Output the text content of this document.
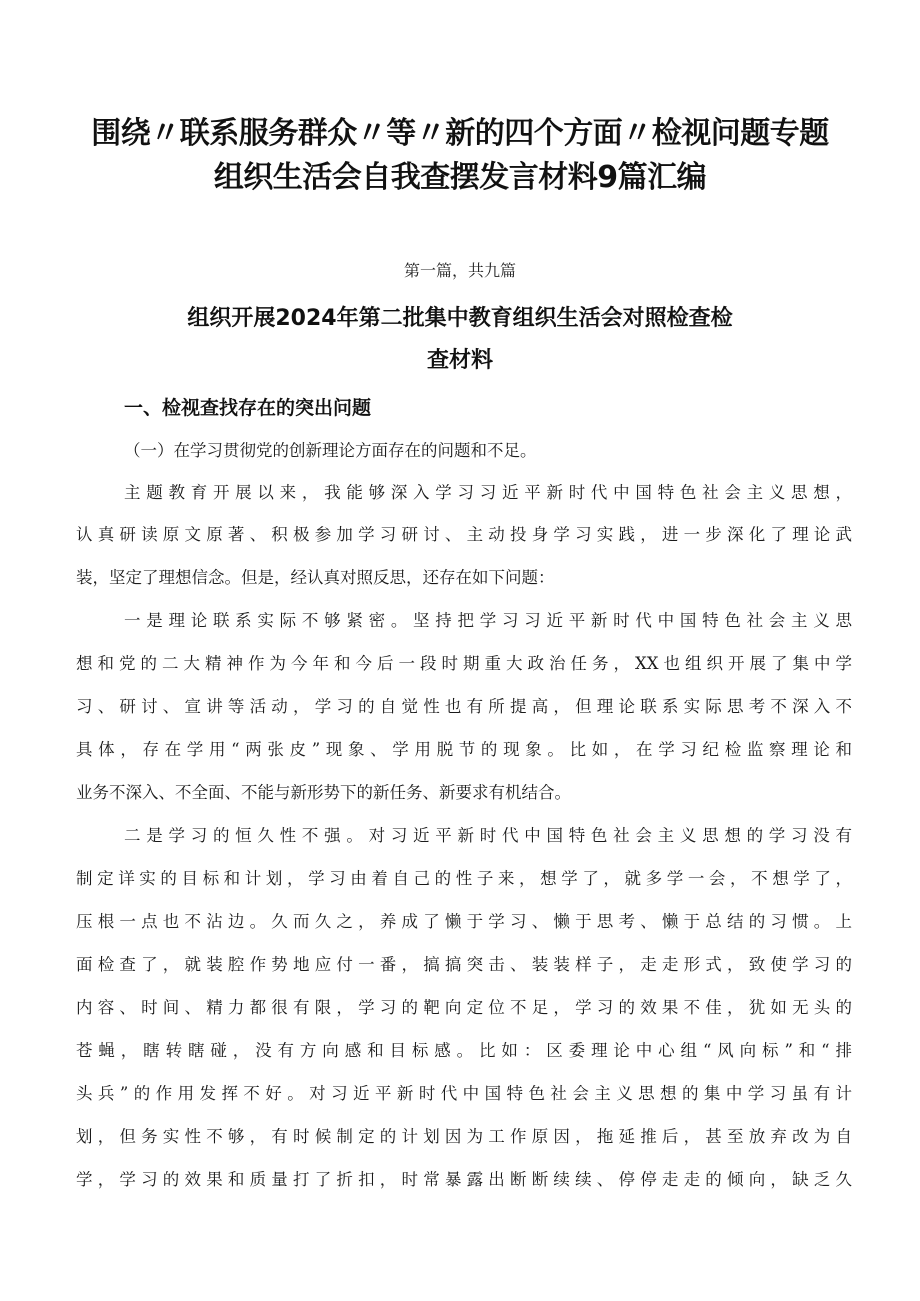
围绕〃联系服务群众〃等〃新的四个方面〃检视问题专题
组织生活会自我查摆发言材料9篇汇编
第一篇，共九篇
组织开展2024年第二批集中教育组织生活会对照检查检
查材料
一、检视查找存在的突出问题
（一）在学习贯彻党的创新理论方面存在的问题和不足。
主题教育开展以来，我能够深入学习习近平新时代中国特色社会主义思想，
认真研读原文原著、积极参加学习研讨、主动投身学习实践，进一步深化了理论武
装，坚定了理想信念。但是，经认真对照反思，还存在如下问题：
一是理论联系实际不够紧密。坚持把学习习近平新时代中国特色社会主义思
想和党的二大精神作为今年和今后一段时期重大政治任务，XX也组织开展了集中学
习、研讨、宣讲等活动，学习的自觉性也有所提高，但理论联系实际思考不深入不
具体，存在学用“两张皮”现象、学用脱节的现象。比如，在学习纪检监察理论和
业务不深入、不全面、不能与新形势下的新任务、新要求有机结合。
二是学习的恒久性不强。对习近平新时代中国特色社会主义思想的学习没有
制定详实的目标和计划，学习由着自己的性子来，想学了，就多学一会，不想学了，
压根一点也不沾边。久而久之，养成了懒于学习、懒于思考、懒于总结的习惯。上
面检查了，就装腔作势地应付一番，搞搞突击、装装样子，走走形式，致使学习的
内容、时间、精力都很有限，学习的靶向定位不足，学习的效果不佳，犹如无头的
苍蝇，瞎转瞎碰，没有方向感和目标感。比如：区委理论中心组“风向标”和“排
头兵”的作用发挥不好。对习近平新时代中国特色社会主义思想的集中学习虽有计
划，但务实性不够，有时候制定的计划因为工作原因，拖延推后，甚至放弃改为自
学，学习的效果和质量打了折扣，时常暴露出断断续续、停停走走的倾向，缺乏久
